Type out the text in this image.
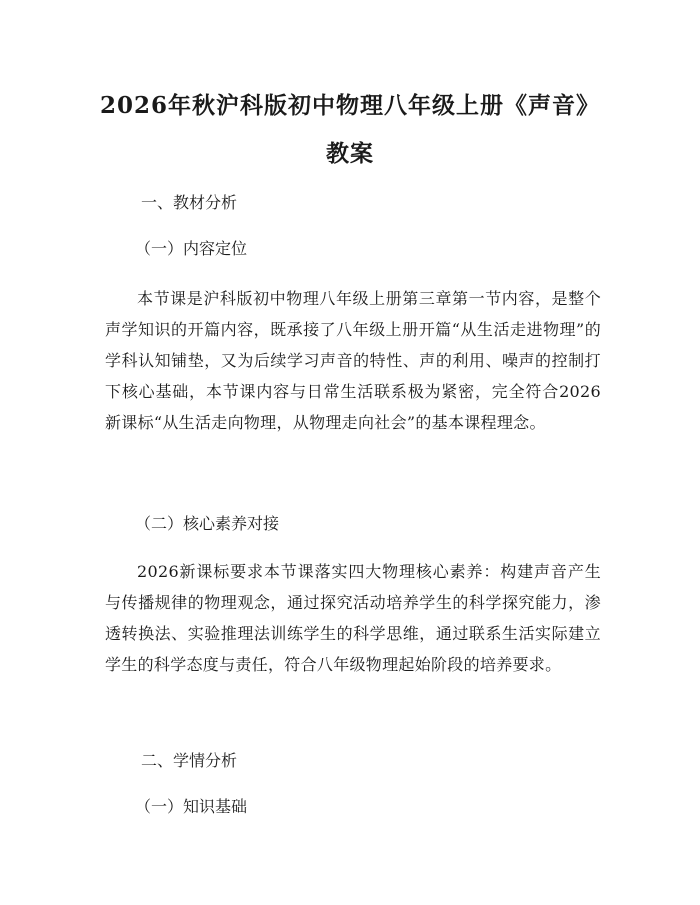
2026年秋沪科版初中物理八年级上册《声音》教案
一、教材分析
（一）内容定位
本节课是沪科版初中物理八年级上册第三章第一节内容，是整个声学知识的开篇内容，既承接了八年级上册开篇“从生活走进物理”的学科认知铺垫，又为后续学习声音的特性、声的利用、噪声的控制打下核心基础，本节课内容与日常生活联系极为紧密，完全符合2026新课标“从生活走向物理，从物理走向社会”的基本课程理念。
（二）核心素养对接
2026新课标要求本节课落实四大物理核心素养：构建声音产生与传播规律的物理观念，通过探究活动培养学生的科学探究能力，渗透转换法、实验推理法训练学生的科学思维，通过联系生活实际建立学生的科学态度与责任，符合八年级物理起始阶段的培养要求。
二、学情分析
（一）知识基础
